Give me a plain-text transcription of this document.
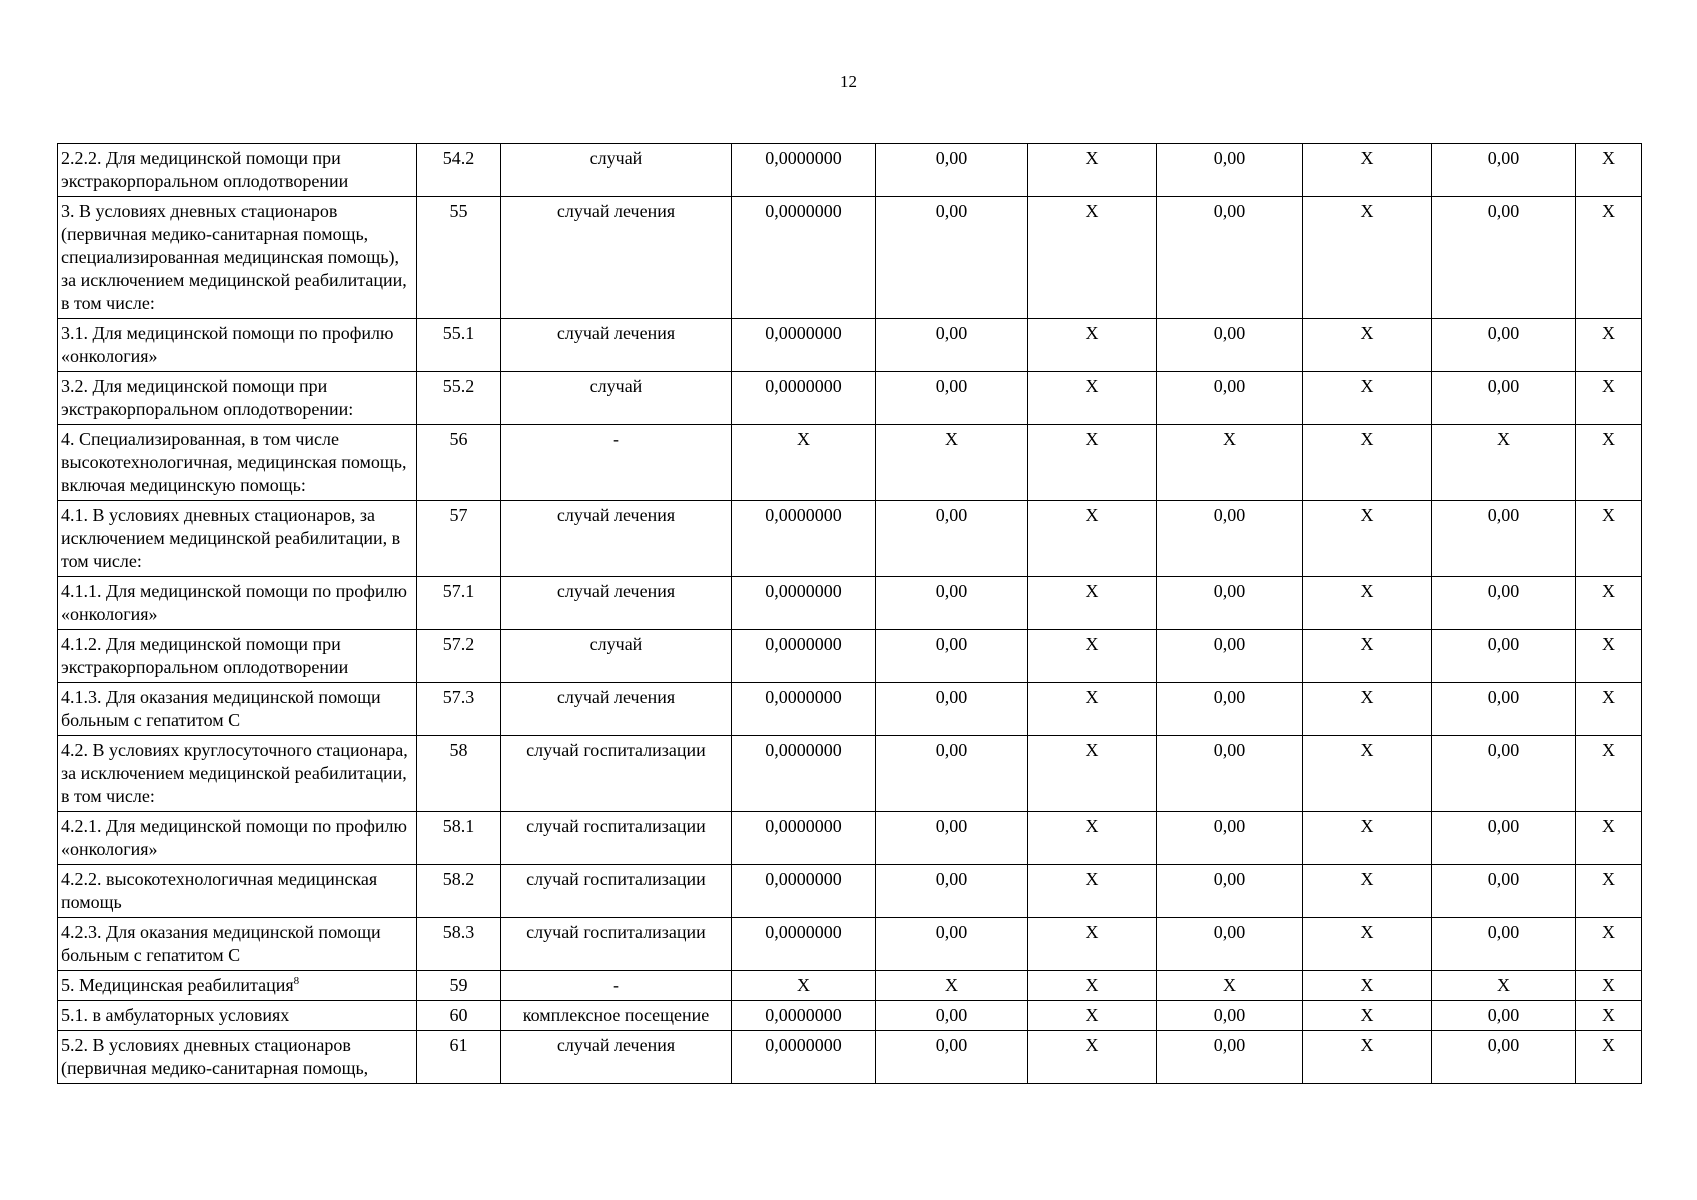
12
2.2.2. Для медицинской помощи при экстракорпоральном оплодотворении	54.2	случай	0,0000000	0,00	X	0,00	X	0,00	X
3. В условиях дневных стационаров (первичная медико-санитарная помощь, специализированная медицинская помощь), за исключением медицинской реабилитации, в том числе:	55	случай лечения	0,0000000	0,00	X	0,00	X	0,00	X
3.1. Для медицинской помощи по профилю «онкология»	55.1	случай лечения	0,0000000	0,00	X	0,00	X	0,00	X
3.2. Для медицинской помощи при экстракорпоральном оплодотворении:	55.2	случай	0,0000000	0,00	X	0,00	X	0,00	X
4. Специализированная, в том числе высокотехнологичная, медицинская помощь, включая медицинскую помощь:	56	-	X	X	X	X	X	X	X
4.1. В условиях дневных стационаров, за исключением медицинской реабилитации, в том числе:	57	случай лечения	0,0000000	0,00	X	0,00	X	0,00	X
4.1.1. Для медицинской помощи по профилю «онкология»	57.1	случай лечения	0,0000000	0,00	X	0,00	X	0,00	X
4.1.2. Для медицинской помощи при экстракорпоральном оплодотворении	57.2	случай	0,0000000	0,00	X	0,00	X	0,00	X
4.1.3. Для оказания медицинской помощи больным с гепатитом С	57.3	случай лечения	0,0000000	0,00	X	0,00	X	0,00	X
4.2. В условиях круглосуточного стационара, за исключением медицинской реабилитации, в том числе:	58	случай госпитализации	0,0000000	0,00	X	0,00	X	0,00	X
4.2.1. Для медицинской помощи по профилю «онкология»	58.1	случай госпитализации	0,0000000	0,00	X	0,00	X	0,00	X
4.2.2. высокотехнологичная медицинская помощь	58.2	случай госпитализации	0,0000000	0,00	X	0,00	X	0,00	X
4.2.3. Для оказания медицинской помощи больным с гепатитом С	58.3	случай госпитализации	0,0000000	0,00	X	0,00	X	0,00	X
5. Медицинская реабилитация$^8$	59	-	X	X	X	X	X	X	X
5.1. в амбулаторных условиях	60	комплексное посещение	0,0000000	0,00	X	0,00	X	0,00	X
5.2. В условиях дневных стационаров (первичная медико-санитарная помощь,	61	случай лечения	0,0000000	0,00	X	0,00	X	0,00	X
